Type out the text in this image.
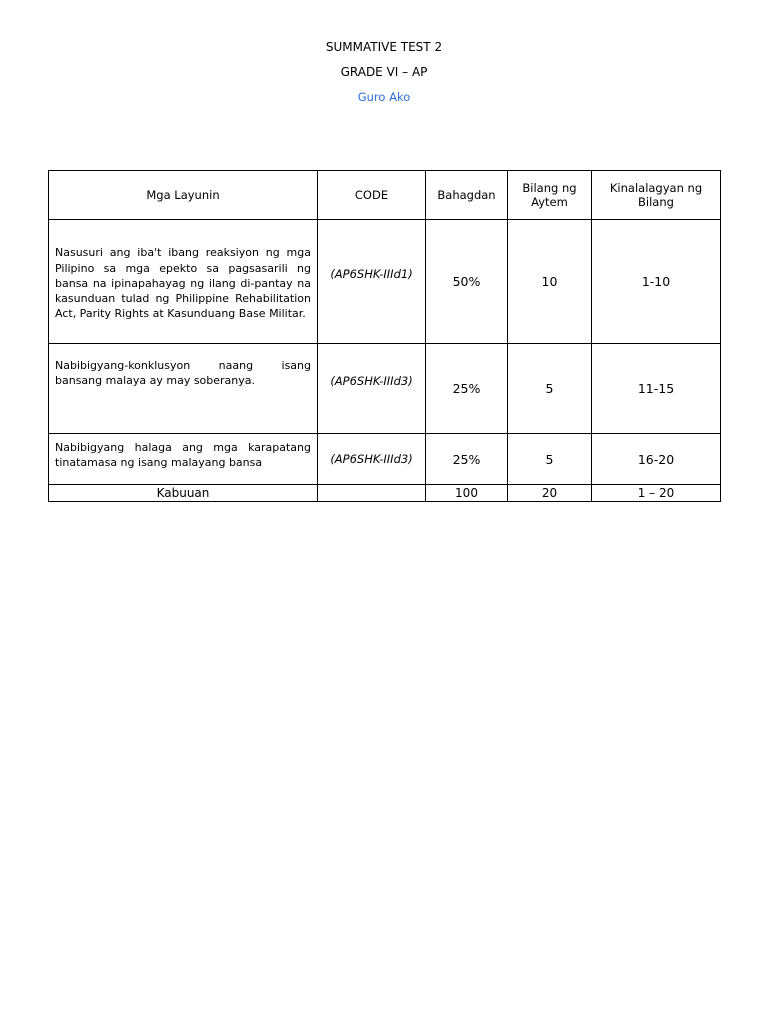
SUMMATIVE TEST 2
GRADE VI – AP
Guro Ako
Mga Layunin	CODE	Bahagdan	Bilang ng Aytem	Kinalalagyan ng Bilang
Nasusuri ang iba't ibang reaksiyon ng mga Pilipino sa mga epekto sa pagsasarili ng bansa na ipinapahayag ng ilang di-pantay na kasunduan tulad ng Philippine Rehabilitation Act, Parity Rights at Kasunduang Base Militar.	(AP6SHK-IIId1)	50%	10	1-10
Nabibigyang-konklusyon naang isang bansang malaya ay may soberanya.	(AP6SHK-IIId3)	25%	5	11-15
Nabibigyang halaga ang mga karapatang tinatamasa ng isang malayang bansa	(AP6SHK-IIId3)	25%	5	16-20
Kabuuan		100	20	1 – 20
